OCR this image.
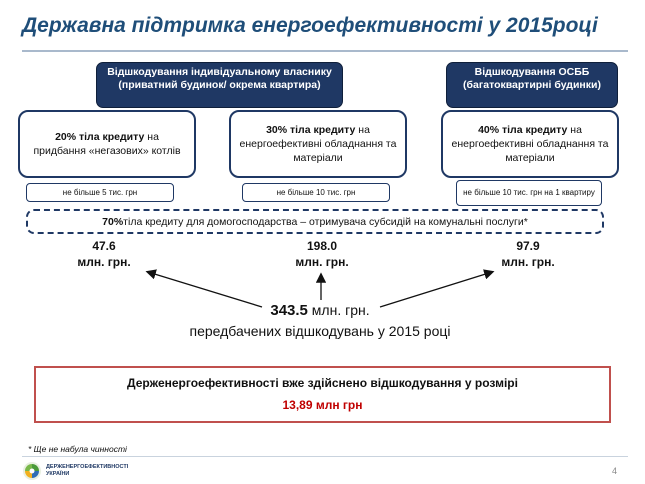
Державна підтримка енергоефективності у 2015році
Відшкодування індивідуальному власнику (приватний будинок/ окрема квартира)
Відшкодування ОСББ (багатоквартирні будинки)
20% тіла кредиту на придбання «негазових» котлів
30% тіла кредиту на енергоефективні обладнання та матеріали
40% тіла кредиту на енергоефективні обладнання та матеріали
не більше 5 тис. грн	не більше 10 тис. грн	не більше 10 тис. грн на 1 квартиру
70% тіла кредиту для домогосподарства – отримувача субсидій на комунальні послуги*
47.6
млн. грн.
198.0
млн. грн.
97.9
млн. грн.
343.5 млн. грн.
передбачених відшкодувань у 2015 році
Держенергоефективності вже здійснено відшкодування у розмірі
13,89 млн грн
* Ще не набула чинності
ДЕРЖЕНЕРГОЕФЕКТИВНОСТІ
УКРАЇНИ	4
